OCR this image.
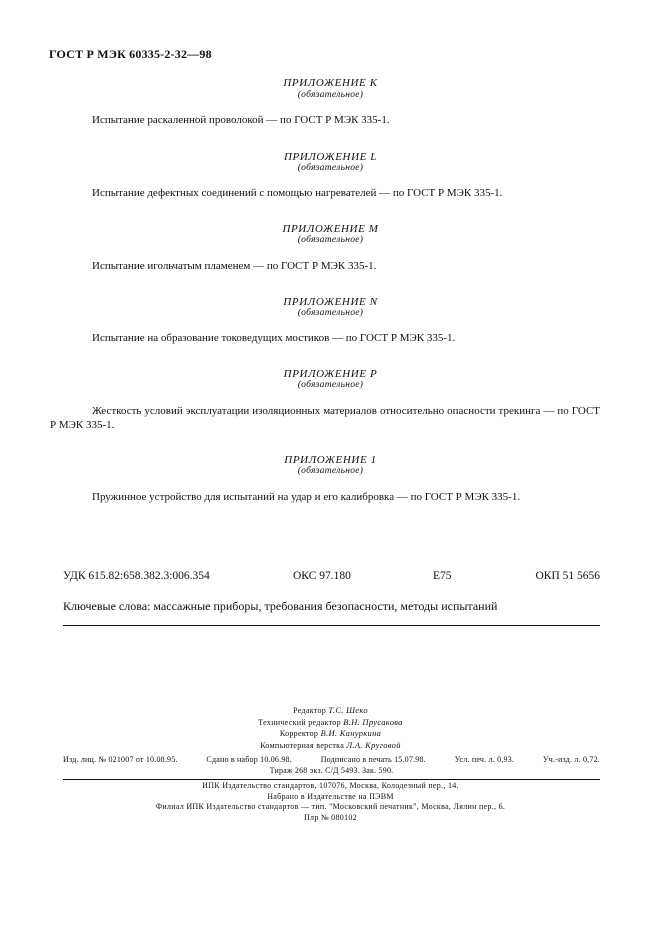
ГОСТ Р МЭК 60335-2-32—98
ПРИЛОЖЕНИЕ К
(обязательное)
Испытание раскаленной проволокой — по ГОСТ Р МЭК 335-1.
ПРИЛОЖЕНИЕ L
(обязательное)
Испытание дефектных соединений с помощью нагревателей — по ГОСТ Р МЭК 335-1.
ПРИЛОЖЕНИЕ М
(обязательное)
Испытание игольчатым пламенем — по ГОСТ Р МЭК 335-1.
ПРИЛОЖЕНИЕ N
(обязательное)
Испытание на образование токоведущих мостиков — по ГОСТ Р МЭК 335-1.
ПРИЛОЖЕНИЕ Р
(обязательное)
Жесткость условий эксплуатации изоляционных материалов относительно опасности трекинга — по ГОСТ Р МЭК 335-1.
ПРИЛОЖЕНИЕ 1
(обязательное)
Пружинное устройство для испытаний на удар и его калибровка — по ГОСТ Р МЭК 335-1.
УДК 615.82:658.382.3:006.354	ОКС 97.180	Е75	ОКП 51 5656
Ключевые слова: массажные приборы, требования безопасности, методы испытаний
Редактор Т.С. Шеко
Технический редактор В.Н. Прусакова
Корректор В.И. Кануркина
Компьютерная верстка Л.А. Круговой
Изд. лиц. № 021007 от 10.08.95.	Сдано в набор 10.06.98.	Подписано в печать 15.07.98.	Усл. печ. л. 0,93.	Уч.-изд. л. 0,72.
Тираж 268 экз. С/Д 5493. Зак. 590.
ИПК Издательство стандартов, 107076, Москва, Колодезный пер., 14.
Набрано в Издательстве на ПЭВМ
Филиал ИПК Издательство стандартов — тип. "Московский печатник", Москва, Лялин пер., 6.
Плр № 080102
